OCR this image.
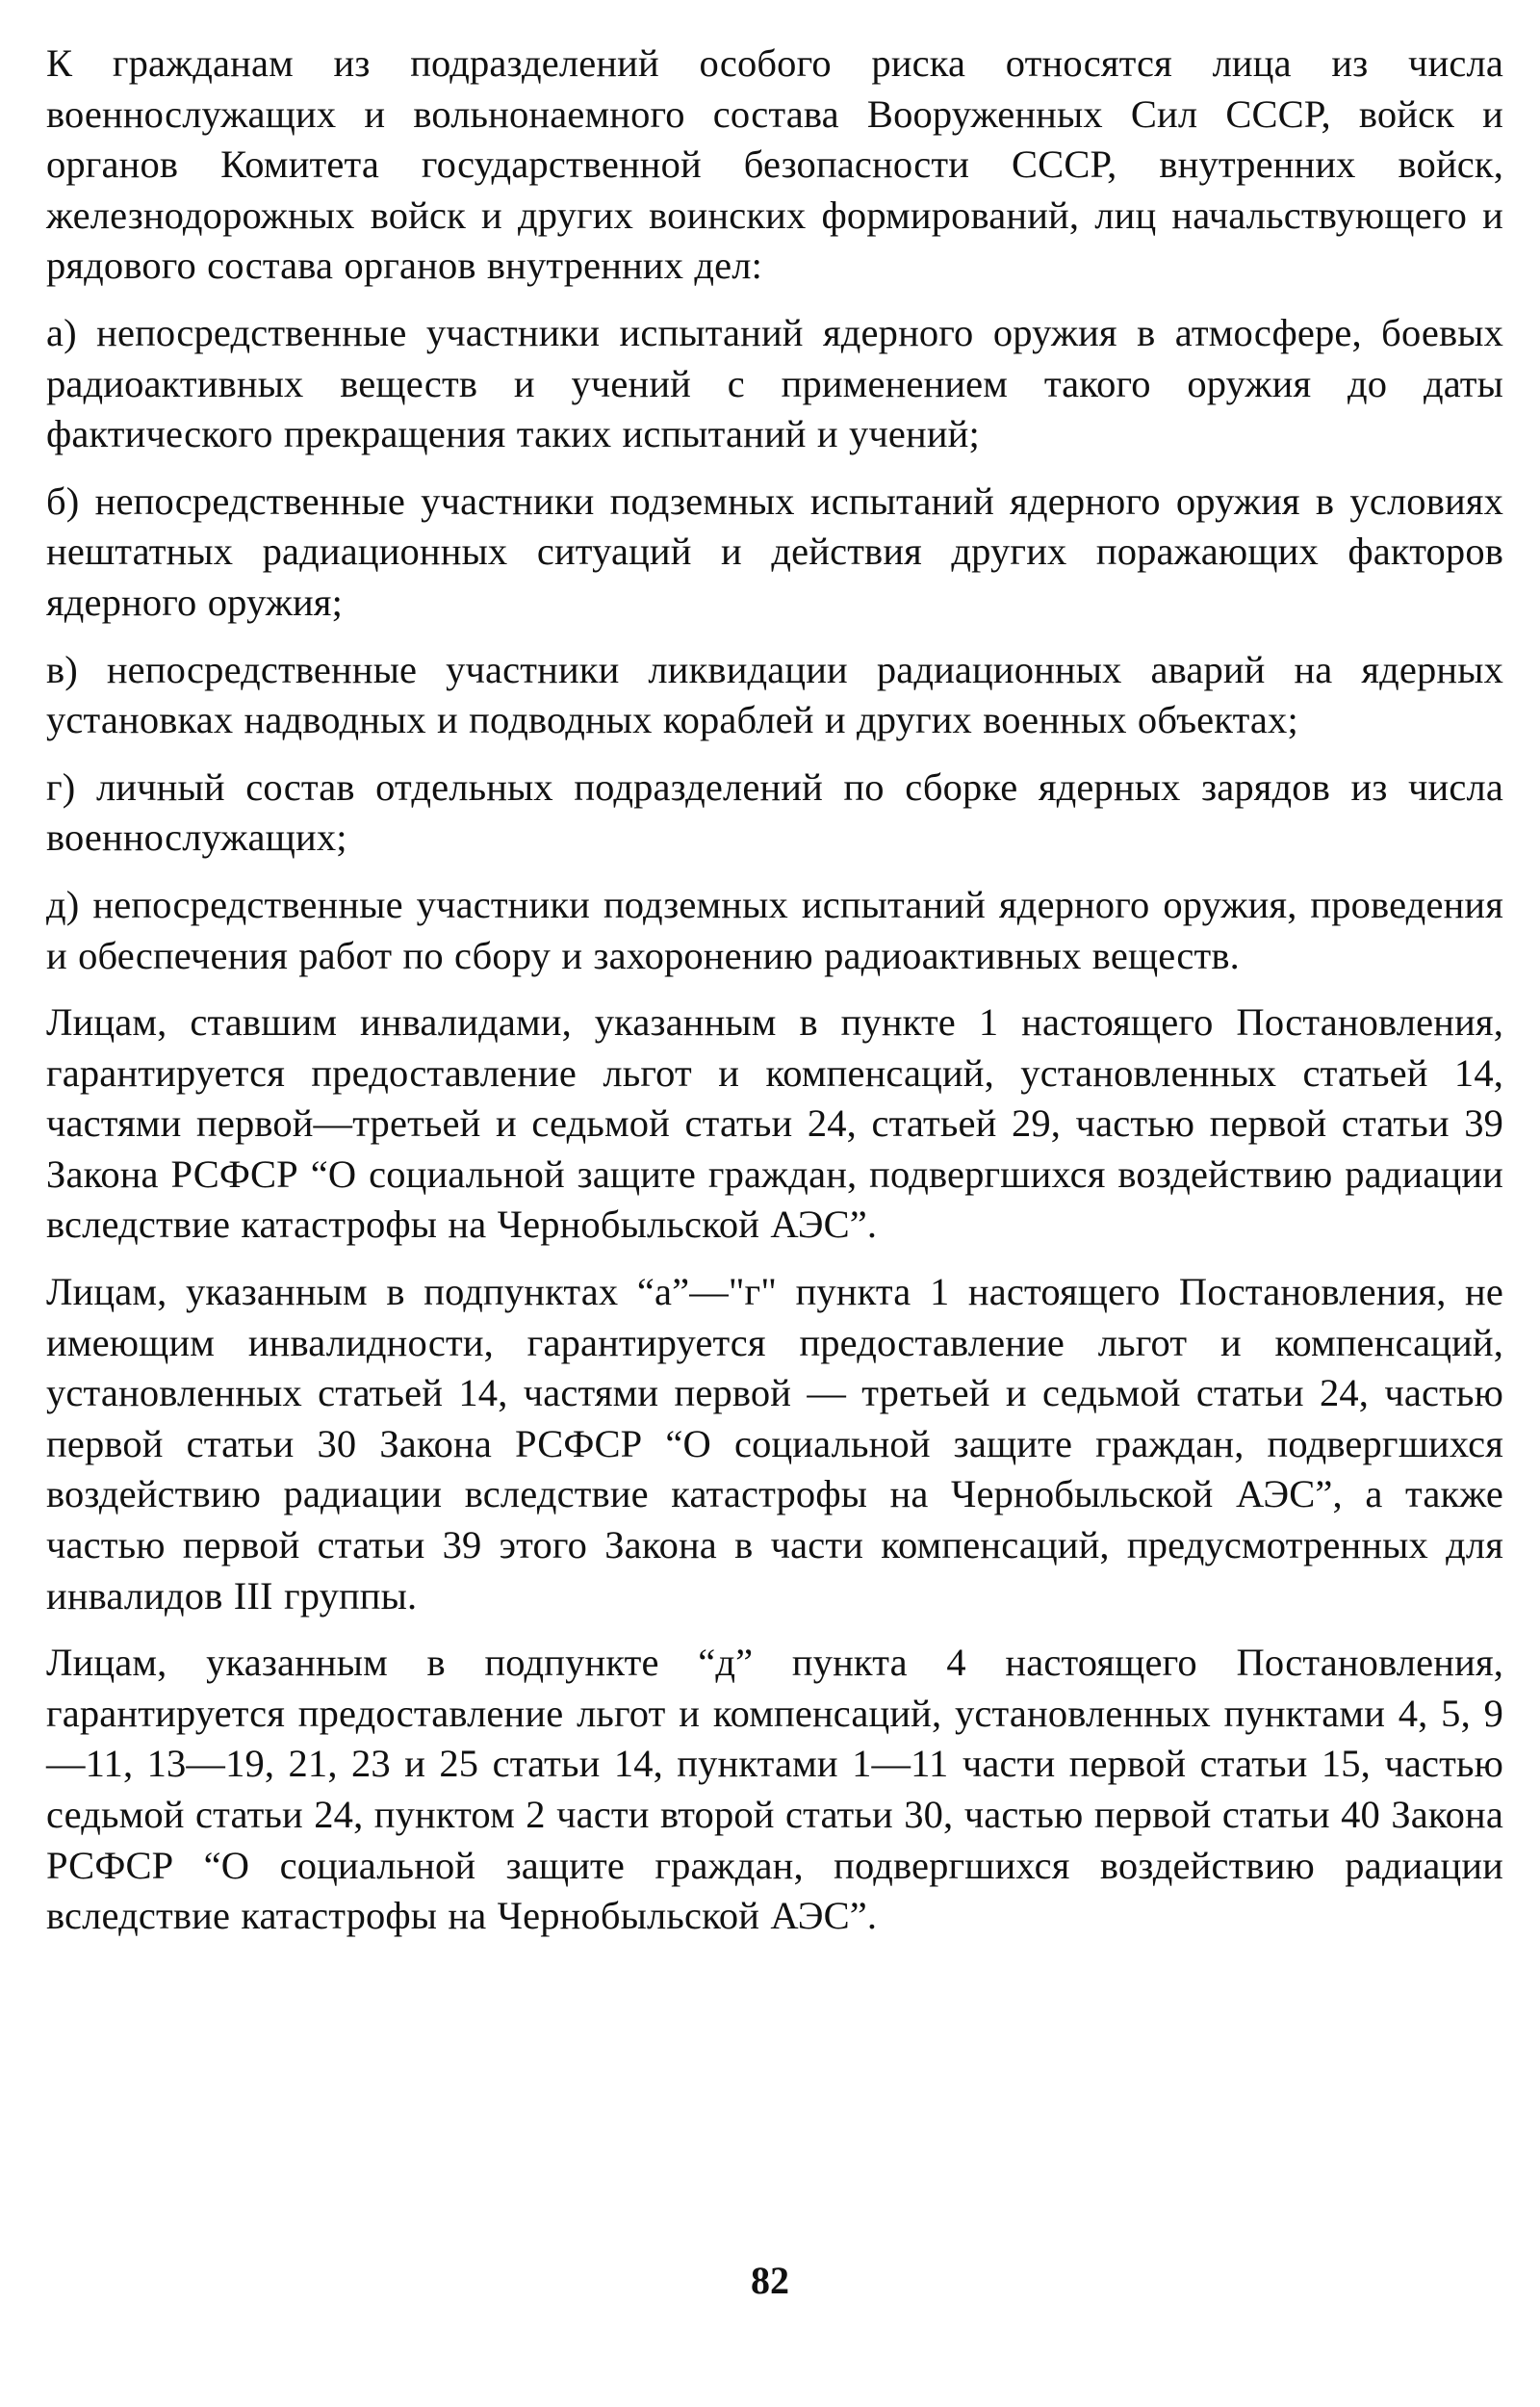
К гражданам из подразделений особого риска относятся лица из числа военнослужащих и вольнонаемного состава Вооруженных Сил СССР, войск и органов Комитета государственной безопасности СССР, внутренних войск, железнодорожных войск и других воинских формирований, лиц начальствующего и рядового состава органов внутренних дел:

а) непосредственные участники испытаний ядерного оружия в атмосфере, боевых радиоактивных веществ и учений с применением такого оружия до даты фактического прекращения таких испытаний и учений;

б) непосредственные участники подземных испытаний ядерного оружия в условиях нештатных радиационных ситуаций и действия других поражающих факторов ядерного оружия;

в) непосредственные участники ликвидации радиационных аварий на ядерных установках надводных и подводных кораблей и других военных объектах;

г) личный состав отдельных подразделений по сборке ядерных зарядов из числа военнослужащих;

д) непосредственные участники подземных испытаний ядерного оружия, проведения и обеспечения работ по сбору и захоронению радиоактивных веществ.

Лицам, ставшим инвалидами, указанным в пункте 1 настоящего Постановления, гарантируется предоставление льгот и компенсаций, установленных статьей 14, частями первой—третьей и седьмой статьи 24, статьей 29, частью первой статьи 39 Закона РСФСР “О социальной защите граждан, подвергшихся воздействию радиации вследствие катастрофы на Чернобыльской АЭС”.

Лицам, указанным в подпунктах “а”—"г" пункта 1 настоящего Постановления, не имеющим инвалидности, гарантируется предоставление льгот и компенсаций, установленных статьей 14, частями первой — третьей и седьмой статьи 24, частью первой статьи 30 Закона РСФСР “О социальной защите граждан, подвергшихся воздействию радиации вследствие катастрофы на Чернобыльской АЭС”, а также частью первой статьи 39 этого Закона в части компенсаций, предусмотренных для инвалидов III группы.

Лицам, указанным в подпункте “д” пункта 4 настоящего Постановления, гарантируется предоставление льгот и компенсаций, установленных пунктами 4, 5, 9—11, 13—19, 21, 23 и 25 статьи 14, пунктами 1—11 части первой статьи 15, частью седьмой статьи 24, пунктом 2 части второй статьи 30, частью первой статьи 40 Закона РСФСР “О социальной защите граждан, подвергшихся воздействию радиации вследствие катастрофы на Чернобыльской АЭС”.

82
